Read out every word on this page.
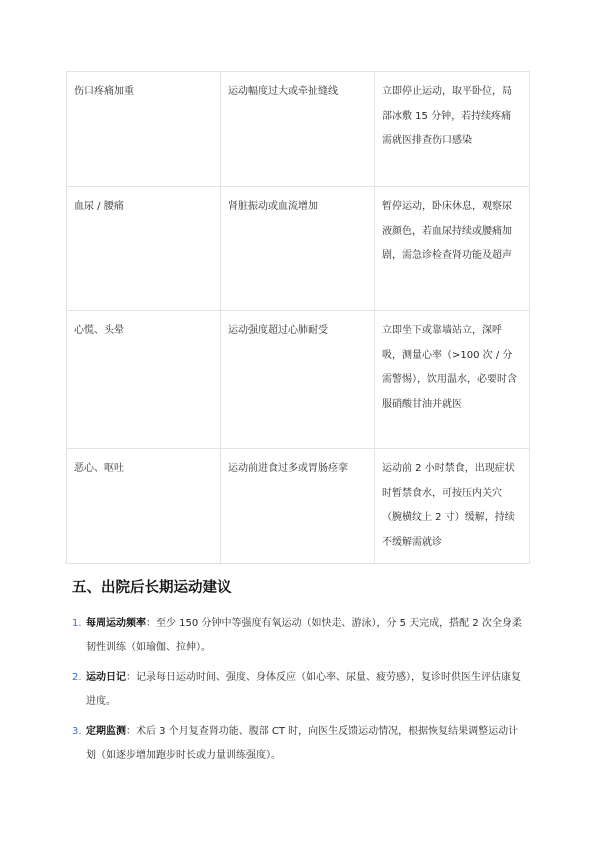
伤口疼痛加重	运动幅度过大或牵扯缝线	立即停止运动，取平卧位，局部冰敷 15 分钟，若持续疼痛需就医排查伤口感染
血尿 / 腰痛	肾脏振动或血流增加	暂停运动，卧床休息，观察尿液颜色，若血尿持续或腰痛加剧，需急诊检查肾功能及超声
心慌、头晕	运动强度超过心肺耐受	立即坐下或靠墙站立，深呼吸，测量心率（>100 次 / 分需警惕），饮用温水，必要时含服硝酸甘油并就医
恶心、呕吐	运动前进食过多或胃肠痉挛	运动前 2 小时禁食，出现症状时暂禁食水，可按压内关穴（腕横纹上 2 寸）缓解，持续不缓解需就诊
五、出院后长期运动建议
1. 每周运动频率：至少 150 分钟中等强度有氧运动（如快走、游泳），分 5 天完成，搭配 2 次全身柔韧性训练（如瑜伽、拉伸）。
2. 运动日记：记录每日运动时间、强度、身体反应（如心率、尿量、疲劳感），复诊时供医生评估康复进度。
3. 定期监测：术后 3 个月复查肾功能、腹部 CT 时，向医生反馈运动情况，根据恢复结果调整运动计划（如逐步增加跑步时长或力量训练强度）。
